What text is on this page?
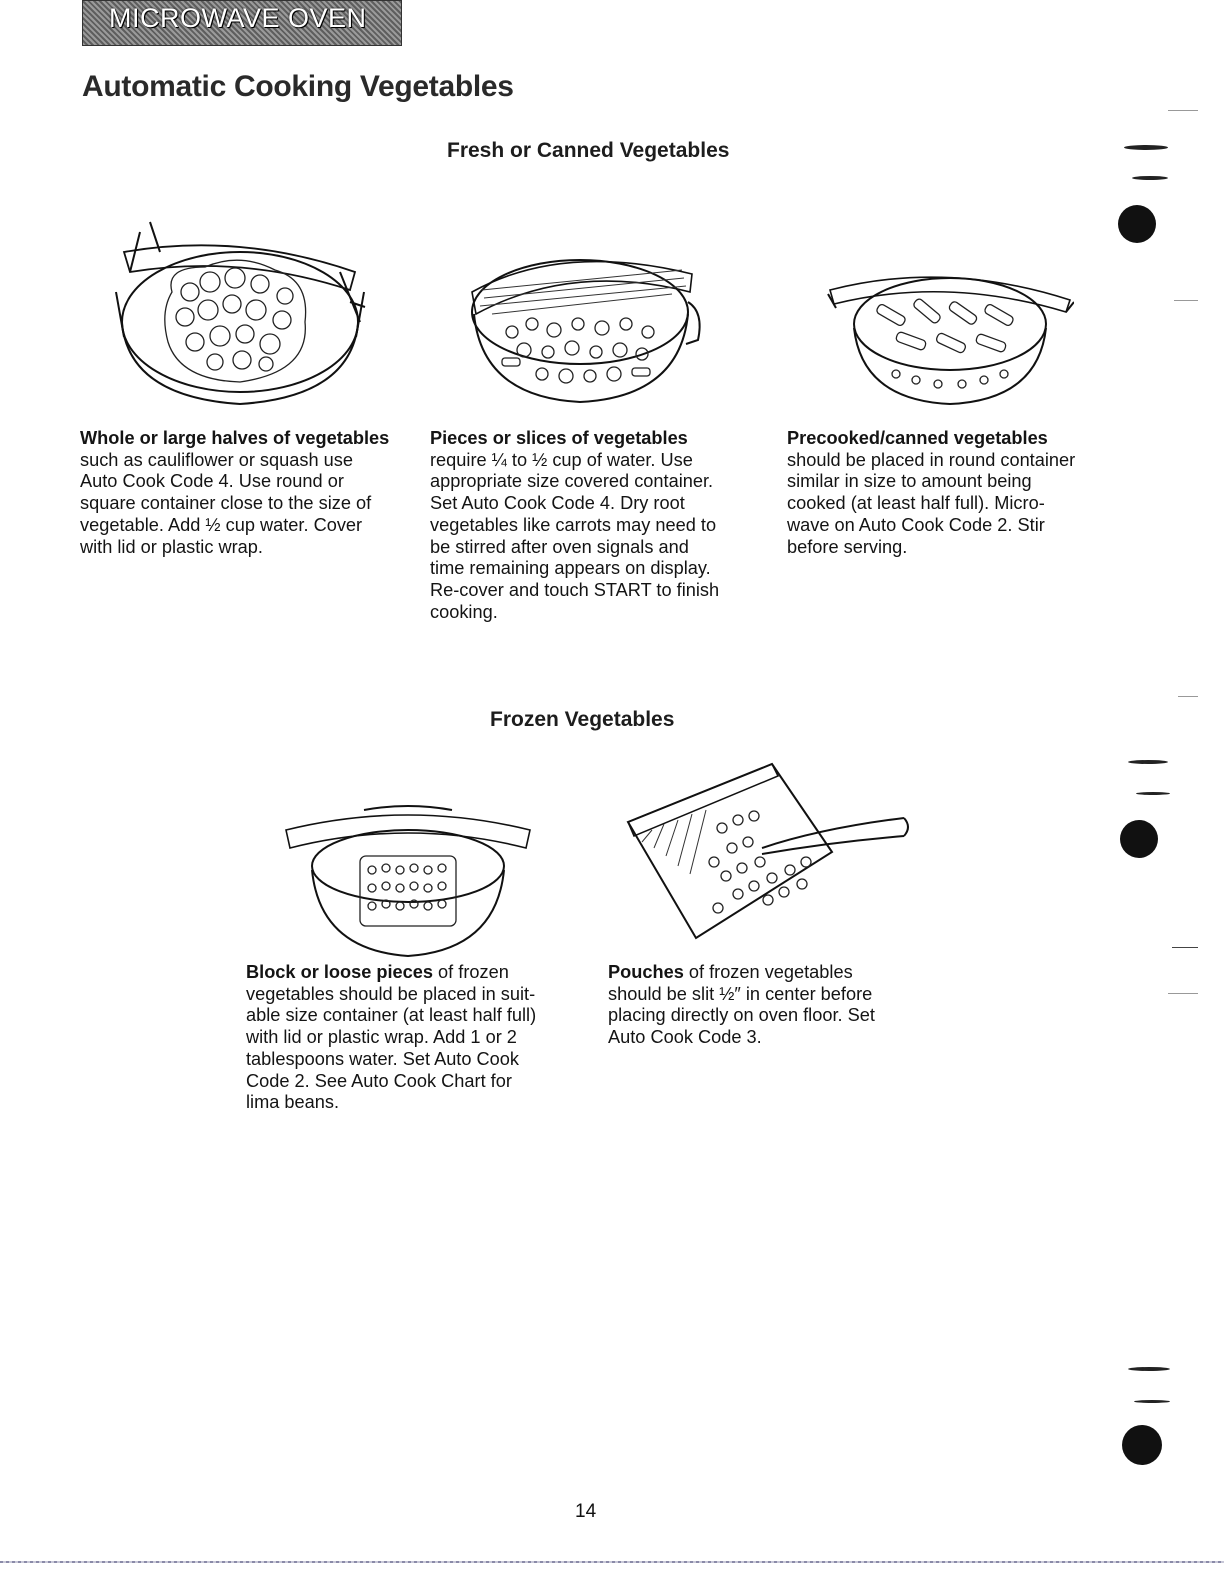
MICROWAVE OVEN
Automatic Cooking Vegetables
Fresh or Canned Vegetables
Whole or large halves of vegetables
such as cauliflower or squash use
Auto Cook Code 4. Use round or
square container close to the size of
vegetable. Add ½ cup water. Cover
with lid or plastic wrap.
Pieces or slices of vegetables
require ¼ to ½ cup of water. Use
appropriate size covered container.
Set Auto Cook Code 4. Dry root
vegetables like carrots may need to
be stirred after oven signals and
time remaining appears on display.
Re-cover and touch START to finish
cooking.
Precooked/canned vegetables
should be placed in round container
similar in size to amount being
cooked (at least half full). Micro-
wave on Auto Cook Code 2. Stir
before serving.
Frozen Vegetables
Block or loose pieces of frozen
vegetables should be placed in suit-
able size container (at least half full)
with lid or plastic wrap. Add 1 or 2
tablespoons water. Set Auto Cook
Code 2. See Auto Cook Chart for
lima beans.
Pouches of frozen vegetables
should be slit ½″ in center before
placing directly on oven floor. Set
Auto Cook Code 3.
14
